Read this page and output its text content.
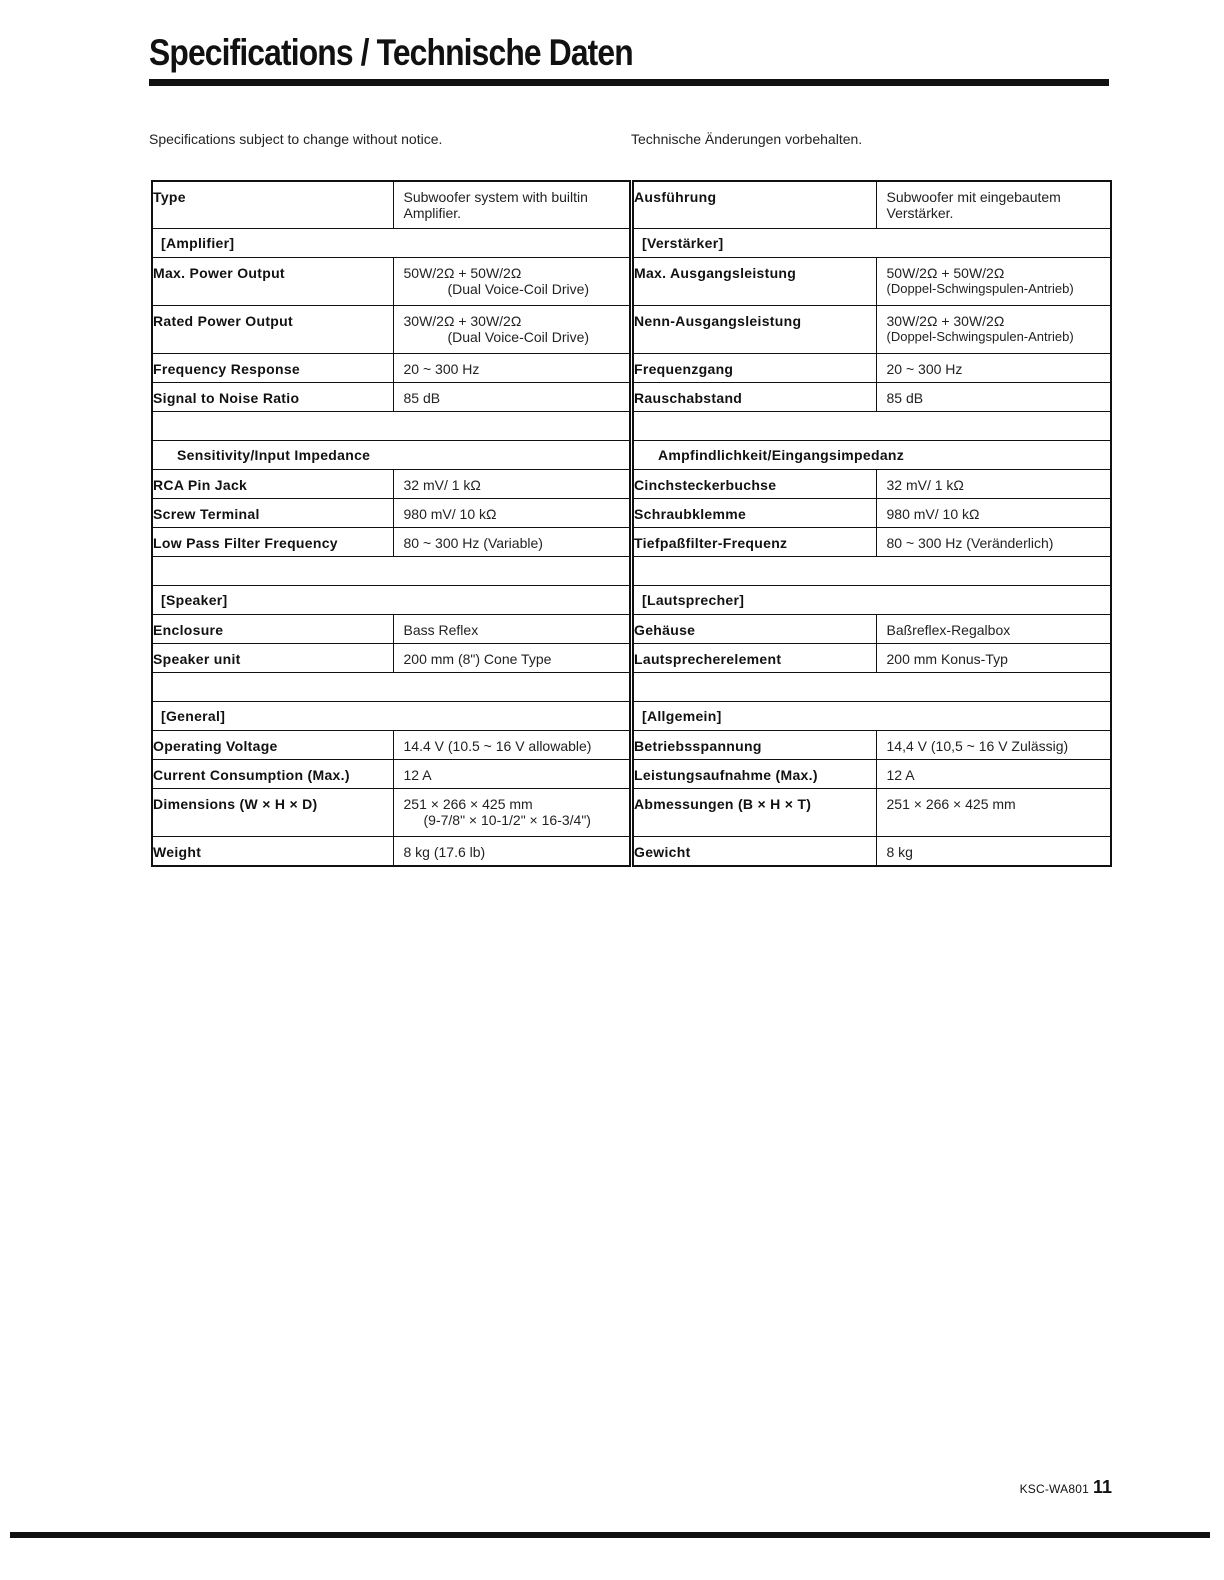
Specifications / Technische Daten
Specifications subject to change without notice.	Technische Änderungen vorbehalten.
Type	Subwoofer system with builtin Amplifier.
[Amplifier]	
Max. Power Output	50W/2Ω + 50W/2Ω
(Dual Voice-Coil Drive)

Rated Power Output	30W/2Ω + 30W/2Ω
(Dual Voice-Coil Drive)

Frequency Response	20 ~ 300 Hz
Signal to Noise Ratio	85 dB

Sensitivity/Input Impedance	
RCA Pin Jack	32 mV/ 1 kΩ
Screw Terminal	980 mV/ 10 kΩ
Low Pass Filter Frequency	80 ~ 300 Hz (Variable)

[Speaker]	
Enclosure	Bass Reflex
Speaker unit	200 mm (8") Cone Type

[General]	
Operating Voltage	14.4 V (10.5 ~ 16 V allowable)
Current Consumption (Max.)	12 A
Dimensions (W × H × D)	251 × 266 × 425 mm
(9-7/8" × 10-1/2" × 16-3/4")

Weight	8 kg (17.6 lb)
Ausführung	Subwoofer mit eingebautem Verstärker.
[Verstärker]	
Max. Ausgangsleistung	50W/2Ω + 50W/2Ω
(Doppel-Schwingspulen-Antrieb)

Nenn-Ausgangsleistung	30W/2Ω + 30W/2Ω
(Doppel-Schwingspulen-Antrieb)

Frequenzgang	20 ~ 300 Hz
Rauschabstand	85 dB

Ampfindlichkeit/Eingangsimpedanz	
Cinchsteckerbuchse	32 mV/ 1 kΩ
Schraubklemme	980 mV/ 10 kΩ
Tiefpaßfilter-Frequenz	80 ~ 300 Hz (Veränderlich)

[Lautsprecher]	
Gehäuse	Baßreflex-Regalbox
Lautsprecherelement	200 mm Konus-Typ

[Allgemein]	
Betriebsspannung	14,4 V (10,5 ~ 16 V Zulässig)
Leistungsaufnahme (Max.)	12 A
Abmessungen (B × H × T)	251 × 266 × 425 mm
Gewicht	8 kg
KSC-WA801 11
